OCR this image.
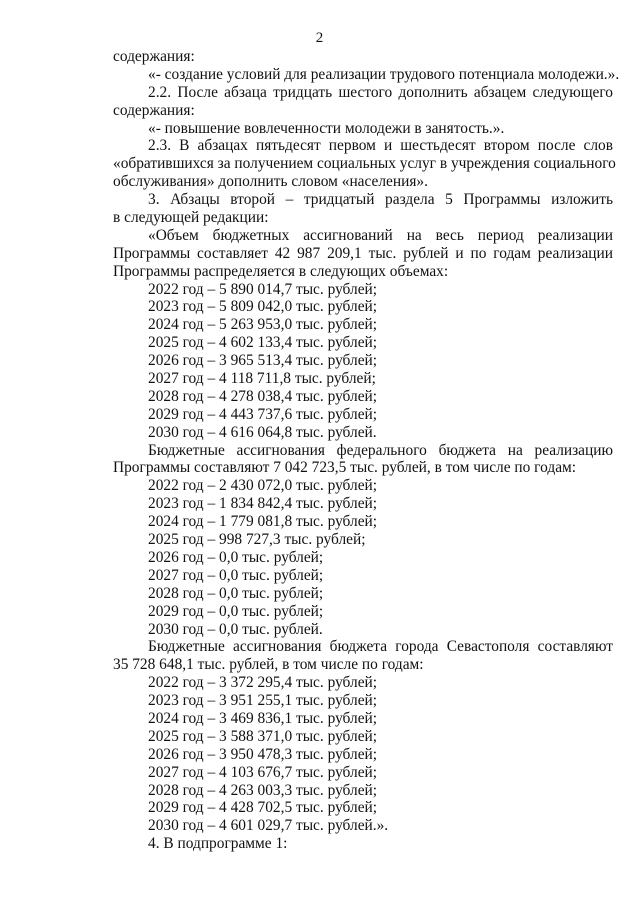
2
содержания:
«- создание условий для реализации трудового потенциала молодежи.».
2.2. После абзаца тридцать шестого дополнить абзацем следующего
содержания:
«- повышение вовлеченности молодежи в занятость.».
2.3. В абзацах пятьдесят первом и шестьдесят втором после слов
«обратившихся за получением социальных услуг в учреждения социального
обслуживания» дополнить словом «населения».
3. Абзацы второй – тридцатый раздела 5 Программы изложить
в следующей редакции:
«Объем бюджетных ассигнований на весь период реализации
Программы составляет 42 987 209,1 тыс. рублей и по годам реализации
Программы распределяется в следующих объемах:
2022 год – 5 890 014,7 тыс. рублей;
2023 год – 5 809 042,0 тыс. рублей;
2024 год – 5 263 953,0 тыс. рублей;
2025 год – 4 602 133,4 тыс. рублей;
2026 год – 3 965 513,4 тыс. рублей;
2027 год – 4 118 711,8 тыс. рублей;
2028 год – 4 278 038,4 тыс. рублей;
2029 год – 4 443 737,6 тыс. рублей;
2030 год – 4 616 064,8 тыс. рублей.
Бюджетные ассигнования федерального бюджета на реализацию
Программы составляют 7 042 723,5 тыс. рублей, в том числе по годам:
2022 год – 2 430 072,0 тыс. рублей;
2023 год – 1 834 842,4 тыс. рублей;
2024 год – 1 779 081,8 тыс. рублей;
2025 год – 998 727,3 тыс. рублей;
2026 год – 0,0 тыс. рублей;
2027 год – 0,0 тыс. рублей;
2028 год – 0,0 тыс. рублей;
2029 год – 0,0 тыс. рублей;
2030 год – 0,0 тыс. рублей.
Бюджетные ассигнования бюджета города Севастополя составляют
35 728 648,1 тыс. рублей, в том числе по годам:
2022 год – 3 372 295,4 тыс. рублей;
2023 год – 3 951 255,1 тыс. рублей;
2024 год – 3 469 836,1 тыс. рублей;
2025 год – 3 588 371,0 тыс. рублей;
2026 год – 3 950 478,3 тыс. рублей;
2027 год – 4 103 676,7 тыс. рублей;
2028 год – 4 263 003,3 тыс. рублей;
2029 год – 4 428 702,5 тыс. рублей;
2030 год – 4 601 029,7 тыс. рублей.».
4. В подпрограмме 1:
